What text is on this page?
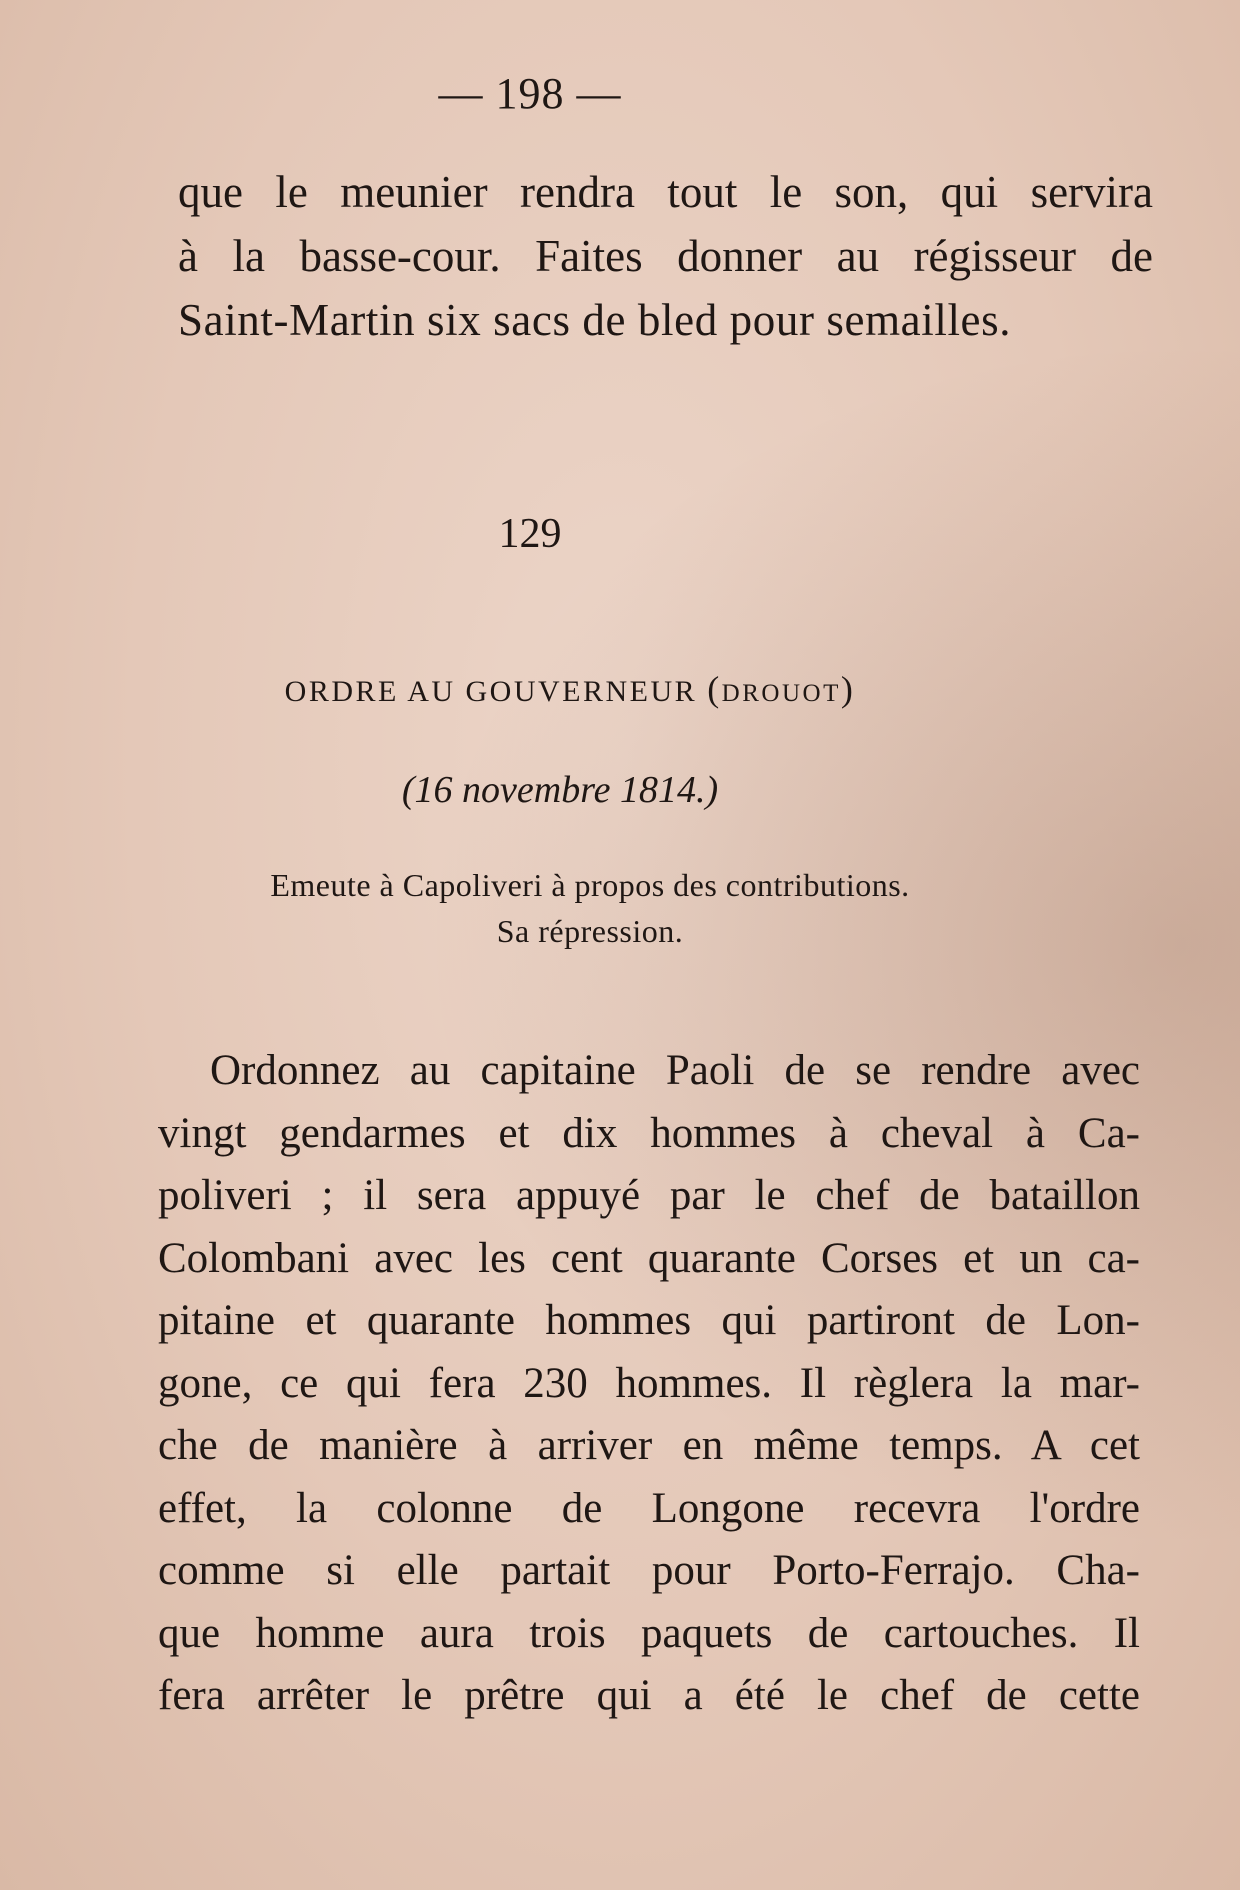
— 198 —
que le meunier rendra tout le son, qui servira
à la basse-cour. Faites donner au régisseur de
Saint-Martin six sacs de bled pour semailles.
129
ORDRE AU GOUVERNEUR (drouot)
(16 novembre 1814.)
Emeute à Capoliveri à propos des contributions.
Sa répression.
Ordonnez au capitaine Paoli de se rendre avec
vingt gendarmes et dix hommes à cheval à Ca-
poliveri ; il sera appuyé par le chef de bataillon
Colombani avec les cent quarante Corses et un ca-
pitaine et quarante hommes qui partiront de Lon-
gone, ce qui fera 230 hommes. Il règlera la mar-
che de manière à arriver en même temps. A cet
effet, la colonne de Longone recevra l'ordre
comme si elle partait pour Porto-Ferrajo. Cha-
que homme aura trois paquets de cartouches. Il
fera arrêter le prêtre qui a été le chef de cette
